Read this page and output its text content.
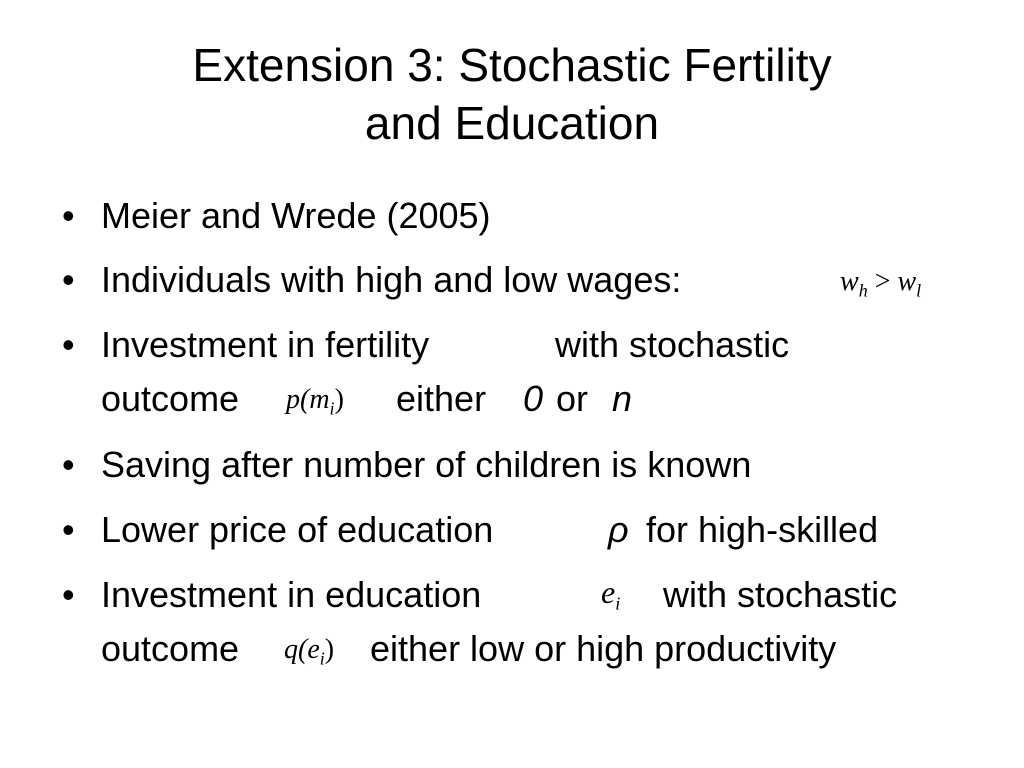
Extension 3: Stochastic Fertility
and Education
• Meier and Wrede (2005)
• Individuals with high and low wages:	$w_h > w_l$
• Investment in fertility	with stochastic
outcome $p(m_i)$ either 0 or n
• Saving after number of children is known
• Lower price of education	ρ for high-skilled
• Investment in education	$e_i$ with stochastic
outcome $q(e_i)$ either low or high productivity
